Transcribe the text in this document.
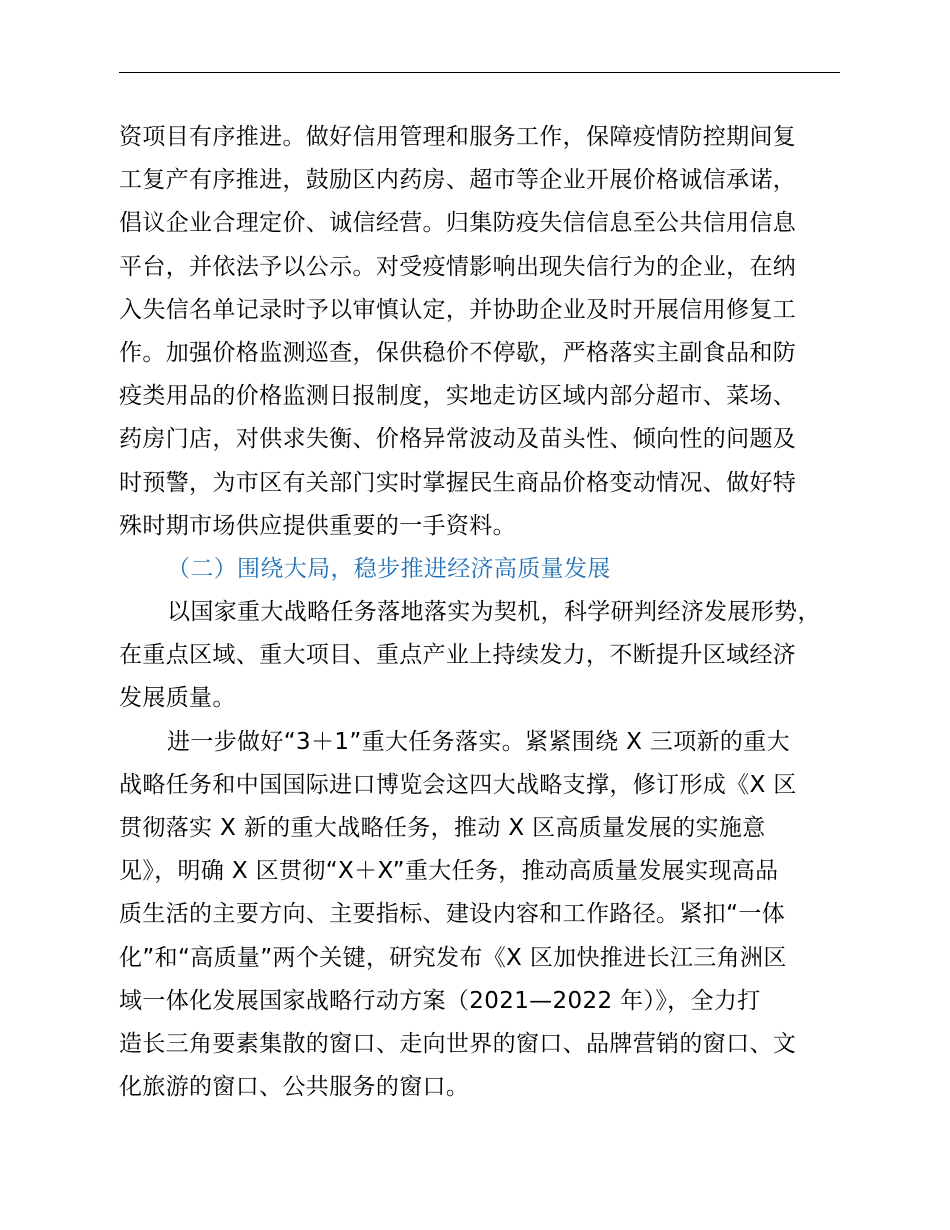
资项目有序推进。做好信用管理和服务工作，保障疫情防控期间复
工复产有序推进，鼓励区内药房、超市等企业开展价格诚信承诺，
倡议企业合理定价、诚信经营。归集防疫失信信息至公共信用信息
平台，并依法予以公示。对受疫情影响出现失信行为的企业，在纳
入失信名单记录时予以审慎认定，并协助企业及时开展信用修复工
作。加强价格监测巡查，保供稳价不停歇，严格落实主副食品和防
疫类用品的价格监测日报制度，实地走访区域内部分超市、菜场、
药房门店，对供求失衡、价格异常波动及苗头性、倾向性的问题及
时预警，为市区有关部门实时掌握民生商品价格变动情况、做好特
殊时期市场供应提供重要的一手资料。
（二）围绕大局，稳步推进经济高质量发展
以国家重大战略任务落地落实为契机，科学研判经济发展形势，
在重点区域、重大项目、重点产业上持续发力，不断提升区域经济
发展质量。
进一步做好“3＋1”重大任务落实。紧紧围绕 X 三项新的重大
战略任务和中国国际进口博览会这四大战略支撑，修订形成《X 区
贯彻落实 X 新的重大战略任务，推动 X 区高质量发展的实施意
见》，明确 X 区贯彻“X＋X”重大任务，推动高质量发展实现高品
质生活的主要方向、主要指标、建设内容和工作路径。紧扣“一体
化”和“高质量”两个关键，研究发布《X 区加快推进长江三角洲区
域一体化发展国家战略行动方案（2021—2022 年）》，全力打
造长三角要素集散的窗口、走向世界的窗口、品牌营销的窗口、文
化旅游的窗口、公共服务的窗口。
